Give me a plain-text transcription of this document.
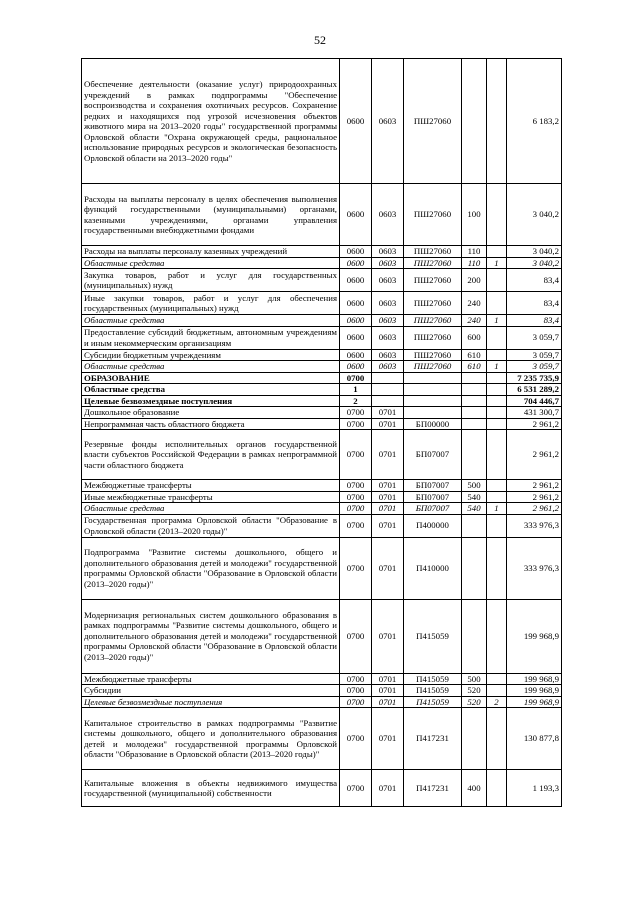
52
Обеспечение деятельности (оказание услуг) природоохранных учреждений в рамках подпрограммы "Обеспечение воспроизводства и сохранения охотничьих ресурсов. Сохранение редких и находящихся под угрозой исчезновения объектов животного мира на 2013–2020 годы" государственной программы Орловской области "Охрана окружающей среды, рациональное использование природных ресурсов и экологическая безопасность Орловской области на 2013–2020 годы"	0600	0603	ПШ27060			6 183,2
Расходы на выплаты персоналу в целях обеспечения выполнения функций государственными (муниципальными) органами, казенными учреждениями, органами управления государственными внебюджетными фондами	0600	0603	ПШ27060	100		3 040,2
Расходы на выплаты персоналу казенных учреждений	0600	0603	ПШ27060	110		3 040,2
Областные средства	0600	0603	ПШ27060	110	1	3 040,2
Закупка товаров, работ и услуг для государственных (муниципальных) нужд	0600	0603	ПШ27060	200		83,4
Иные закупки товаров, работ и услуг для обеспечения государственных (муниципальных) нужд	0600	0603	ПШ27060	240		83,4
Областные средства	0600	0603	ПШ27060	240	1	83,4
Предоставление субсидий бюджетным, автономным учреждениям и иным некоммерческим организациям	0600	0603	ПШ27060	600		3 059,7
Субсидии бюджетным учреждениям	0600	0603	ПШ27060	610		3 059,7
Областные средства	0600	0603	ПШ27060	610	1	3 059,7
ОБРАЗОВАНИЕ	0700					7 235 735,9
Областные средства	1					6 531 289,2
Целевые безвозмездные поступления	2					704 446,7
Дошкольное образование	0700	0701				431 300,7
Непрограммная часть областного бюджета	0700	0701	БП00000			2 961,2
Резервные фонды исполнительных органов государственной власти субъектов Российской Федерации в рамках непрограммной части областного бюджета	0700	0701	БП07007			2 961,2
Межбюджетные трансферты	0700	0701	БП07007	500		2 961,2
Иные межбюджетные трансферты	0700	0701	БП07007	540		2 961,2
Областные средства	0700	0701	БП07007	540	1	2 961,2
Государственная программа Орловской области "Образование в Орловской области (2013–2020 годы)"	0700	0701	П400000			333 976,3
Подпрограмма "Развитие системы дошкольного, общего и дополнительного образования детей и молодежи" государственной программы Орловской области "Образование в Орловской области (2013–2020 годы)"	0700	0701	П410000			333 976,3
Модернизация региональных систем дошкольного образования в рамках подпрограммы "Развитие системы дошкольного, общего и дополнительного образования детей и молодежи" государственной программы Орловской области "Образование в Орловской области (2013–2020 годы)"	0700	0701	П415059			199 968,9
Межбюджетные трансферты	0700	0701	П415059	500		199 968,9
Субсидии	0700	0701	П415059	520		199 968,9
Целевые безвозмездные поступления	0700	0701	П415059	520	2	199 968,9
Капитальное строительство в рамках подпрограммы "Развитие системы дошкольного, общего и дополнительного образования детей и молодежи" государственной программы Орловской области "Образование в Орловской области (2013–2020 годы)"	0700	0701	П417231			130 877,8
Капитальные вложения в объекты недвижимого имущества государственной (муниципальной) собственности	0700	0701	П417231	400		1 193,3
